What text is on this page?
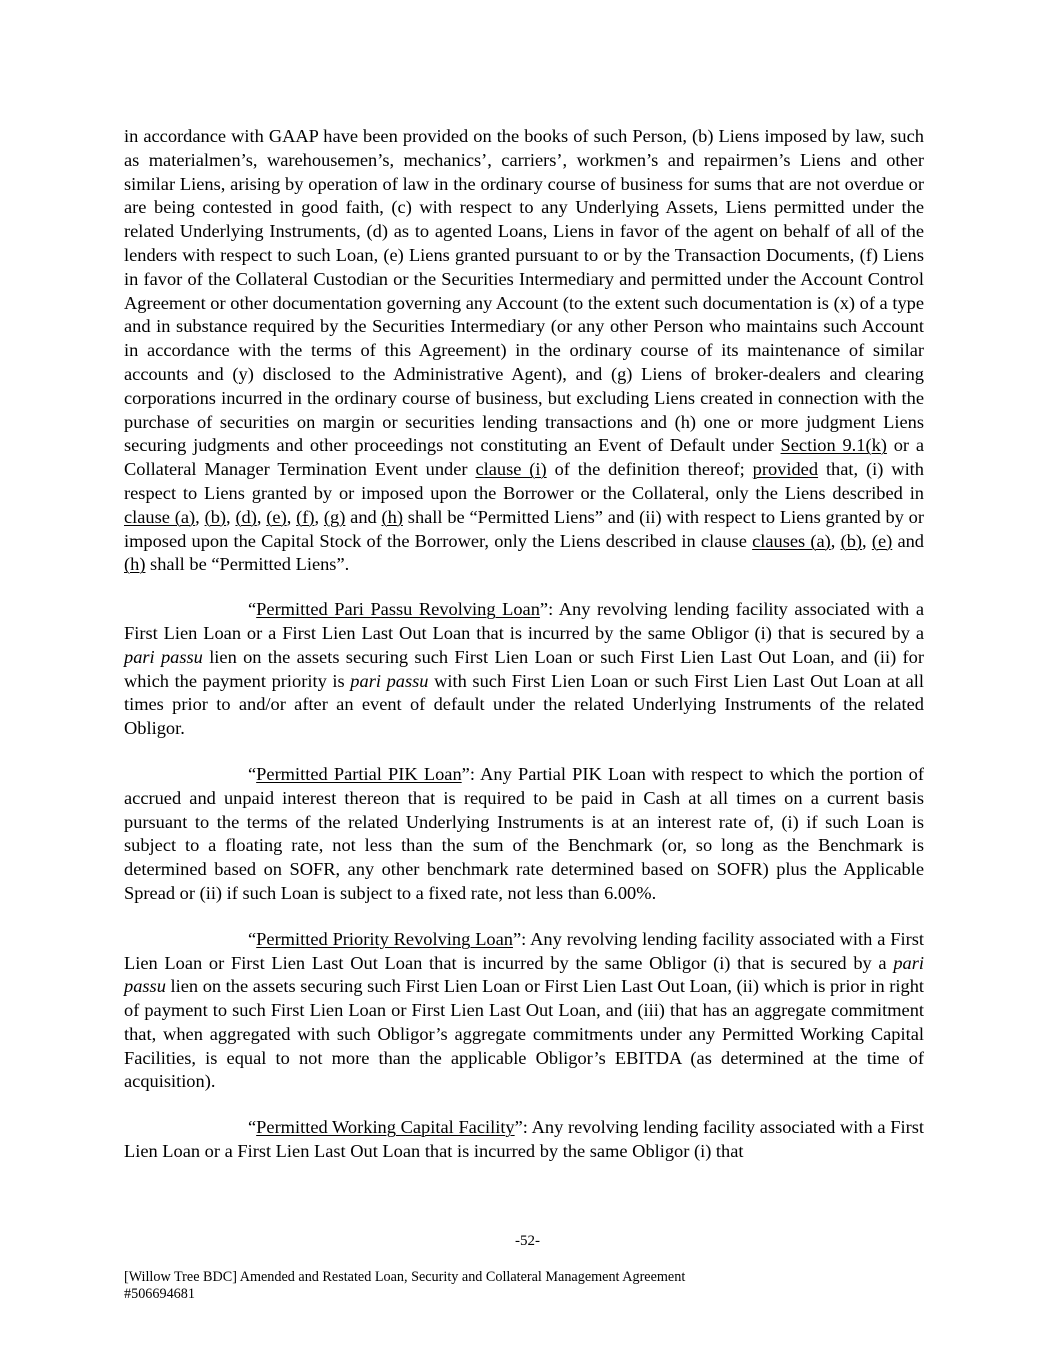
in accordance with GAAP have been provided on the books of such Person, (b) Liens imposed by law, such as materialmen’s, warehousemen’s, mechanics’, carriers’, workmen’s and repairmen’s Liens and other similar Liens, arising by operation of law in the ordinary course of business for sums that are not overdue or are being contested in good faith, (c) with respect to any Underlying Assets, Liens permitted under the related Underlying Instruments, (d) as to agented Loans, Liens in favor of the agent on behalf of all of the lenders with respect to such Loan, (e) Liens granted pursuant to or by the Transaction Documents, (f) Liens in favor of the Collateral Custodian or the Securities Intermediary and permitted under the Account Control Agreement or other documentation governing any Account (to the extent such documentation is (x) of a type and in substance required by the Securities Intermediary (or any other Person who maintains such Account in accordance with the terms of this Agreement) in the ordinary course of its maintenance of similar accounts and (y) disclosed to the Administrative Agent), and (g) Liens of broker-dealers and clearing corporations incurred in the ordinary course of business, but excluding Liens created in connection with the purchase of securities on margin or securities lending transactions and (h) one or more judgment Liens securing judgments and other proceedings not constituting an Event of Default under Section 9.1(k) or a Collateral Manager Termination Event under clause (i) of the definition thereof; provided that, (i) with respect to Liens granted by or imposed upon the Borrower or the Collateral, only the Liens described in clause (a), (b), (d), (e), (f), (g) and (h) shall be “Permitted Liens” and (ii) with respect to Liens granted by or imposed upon the Capital Stock of the Borrower, only the Liens described in clause clauses (a), (b), (e) and (h) shall be “Permitted Liens”.

“Permitted Pari Passu Revolving Loan”: Any revolving lending facility associated with a First Lien Loan or a First Lien Last Out Loan that is incurred by the same Obligor (i) that is secured by a pari passu lien on the assets securing such First Lien Loan or such First Lien Last Out Loan, and (ii) for which the payment priority is pari passu with such First Lien Loan or such First Lien Last Out Loan at all times prior to and/or after an event of default under the related Underlying Instruments of the related Obligor.

“Permitted Partial PIK Loan”: Any Partial PIK Loan with respect to which the portion of accrued and unpaid interest thereon that is required to be paid in Cash at all times on a current basis pursuant to the terms of the related Underlying Instruments is at an interest rate of, (i) if such Loan is subject to a floating rate, not less than the sum of the Benchmark (or, so long as the Benchmark is determined based on SOFR, any other benchmark rate determined based on SOFR) plus the Applicable Spread or (ii) if such Loan is subject to a fixed rate, not less than 6.00%.

“Permitted Priority Revolving Loan”: Any revolving lending facility associated with a First Lien Loan or First Lien Last Out Loan that is incurred by the same Obligor (i) that is secured by a pari passu lien on the assets securing such First Lien Loan or First Lien Last Out Loan, (ii) which is prior in right of payment to such First Lien Loan or First Lien Last Out Loan, and (iii) that has an aggregate commitment that, when aggregated with such Obligor’s aggregate commitments under any Permitted Working Capital Facilities, is equal to not more than the applicable Obligor’s EBITDA (as determined at the time of acquisition).

“Permitted Working Capital Facility”: Any revolving lending facility associated with a First Lien Loan or a First Lien Last Out Loan that is incurred by the same Obligor (i) that

-52-
[Willow Tree BDC] Amended and Restated Loan, Security and Collateral Management Agreement
#506694681
